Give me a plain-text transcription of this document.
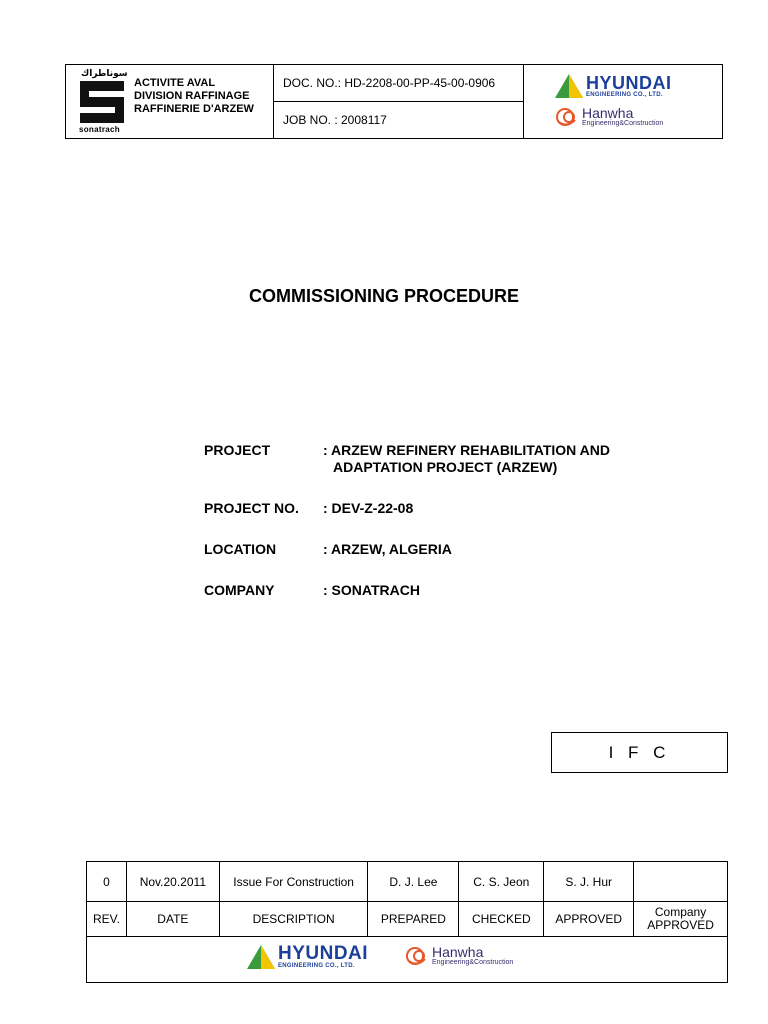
سوناطراك
sonatrach
ACTIVITE AVAL
DIVISION RAFFINAGE
RAFFINERIE D'ARZEW
DOC. NO.: HD-2208-00-PP-45-00-0906
JOB NO. : 2008117
HYUNDAI
ENGINEERING CO., LTD.
Hanwha
Engineering&Construction
COMMISSIONING PROCEDURE
PROJECT	: ARZEW REFINERY REHABILITATION AND
ADAPTATION PROJECT (ARZEW)
PROJECT NO.	: DEV-Z-22-08
LOCATION	: ARZEW, ALGERIA
COMPANY	: SONATRACH
I F C
0	Nov.20.2011	Issue For Construction	D. J. Lee	C. S. Jeon	S. J. Hur	
REV.	DATE	DESCRIPTION	PREPARED	CHECKED	APPROVED	Company
APPROVED

HYUNDAI
ENGINEERING CO., LTD.
Hanwha
Engineering&Construction						
